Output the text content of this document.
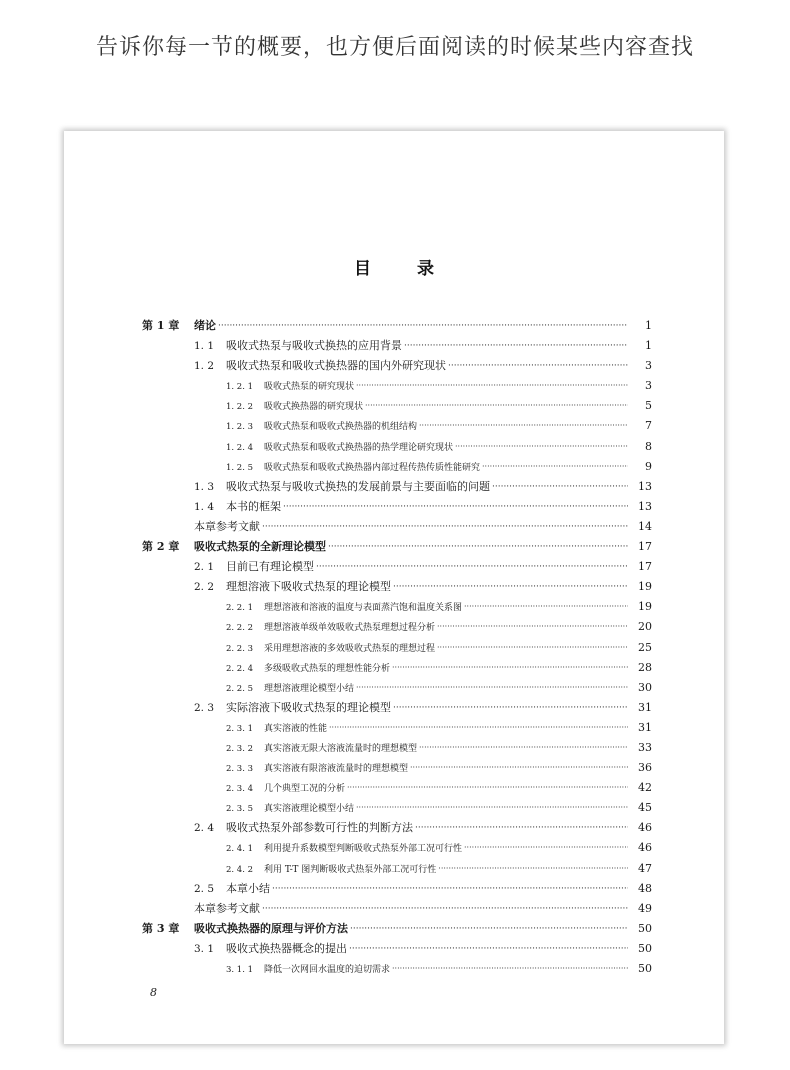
告诉你每一节的概要，也方便后面阅读的时候某些内容查找
目 录
第 1 章	绪论 ·····	1
1. 1	吸收式热泵与吸收式换热的应用背景 ·····	1
1. 2	吸收式热泵和吸收式换热器的国内外研究现状 ·····	3
1. 2. 1	吸收式热泵的研究现状 ·····	3
1. 2. 2	吸收式换热器的研究现状 ·····	5
1. 2. 3	吸收式热泵和吸收式换热器的机组结构 ·····	7
1. 2. 4	吸收式热泵和吸收式换热器的热学理论研究现状 ·····	8
1. 2. 5	吸收式热泵和吸收式换热器内部过程传热传质性能研究 ·····	9
1. 3	吸收式热泵与吸收式换热的发展前景与主要面临的问题 ·····	13
1. 4	本书的框架 ·····	13
本章参考文献 ·····	14
第 2 章	吸收式热泵的全新理论模型 ·····	17
2. 1	目前已有理论模型 ·····	17
2. 2	理想溶液下吸收式热泵的理论模型 ·····	19
2. 2. 1	理想溶液和溶液的温度与表面蒸汽饱和温度关系图 ·····	19
2. 2. 2	理想溶液单级单效吸收式热泵理想过程分析 ·····	20
2. 2. 3	采用理想溶液的多效吸收式热泵的理想过程 ·····	25
2. 2. 4	多级吸收式热泵的理想性能分析 ·····	28
2. 2. 5	理想溶液理论模型小结 ·····	30
2. 3	实际溶液下吸收式热泵的理论模型 ·····	31
2. 3. 1	真实溶液的性能 ·····	31
2. 3. 2	真实溶液无限大溶液流量时的理想模型 ·····	33
2. 3. 3	真实溶液有限溶液流量时的理想模型 ·····	36
2. 3. 4	几个典型工况的分析 ·····	42
2. 3. 5	真实溶液理论模型小结 ·····	45
2. 4	吸收式热泵外部参数可行性的判断方法 ·····	46
2. 4. 1	利用提升系数模型判断吸收式热泵外部工况可行性 ·····	46
2. 4. 2	利用 T-T 图判断吸收式热泵外部工况可行性 ·····	47
2. 5	本章小结 ·····	48
本章参考文献 ·····	49
第 3 章	吸收式换热器的原理与评价方法 ·····	50
3. 1	吸收式换热器概念的提出 ·····	50
3. 1. 1	降低一次网回水温度的迫切需求 ·····	50
8
